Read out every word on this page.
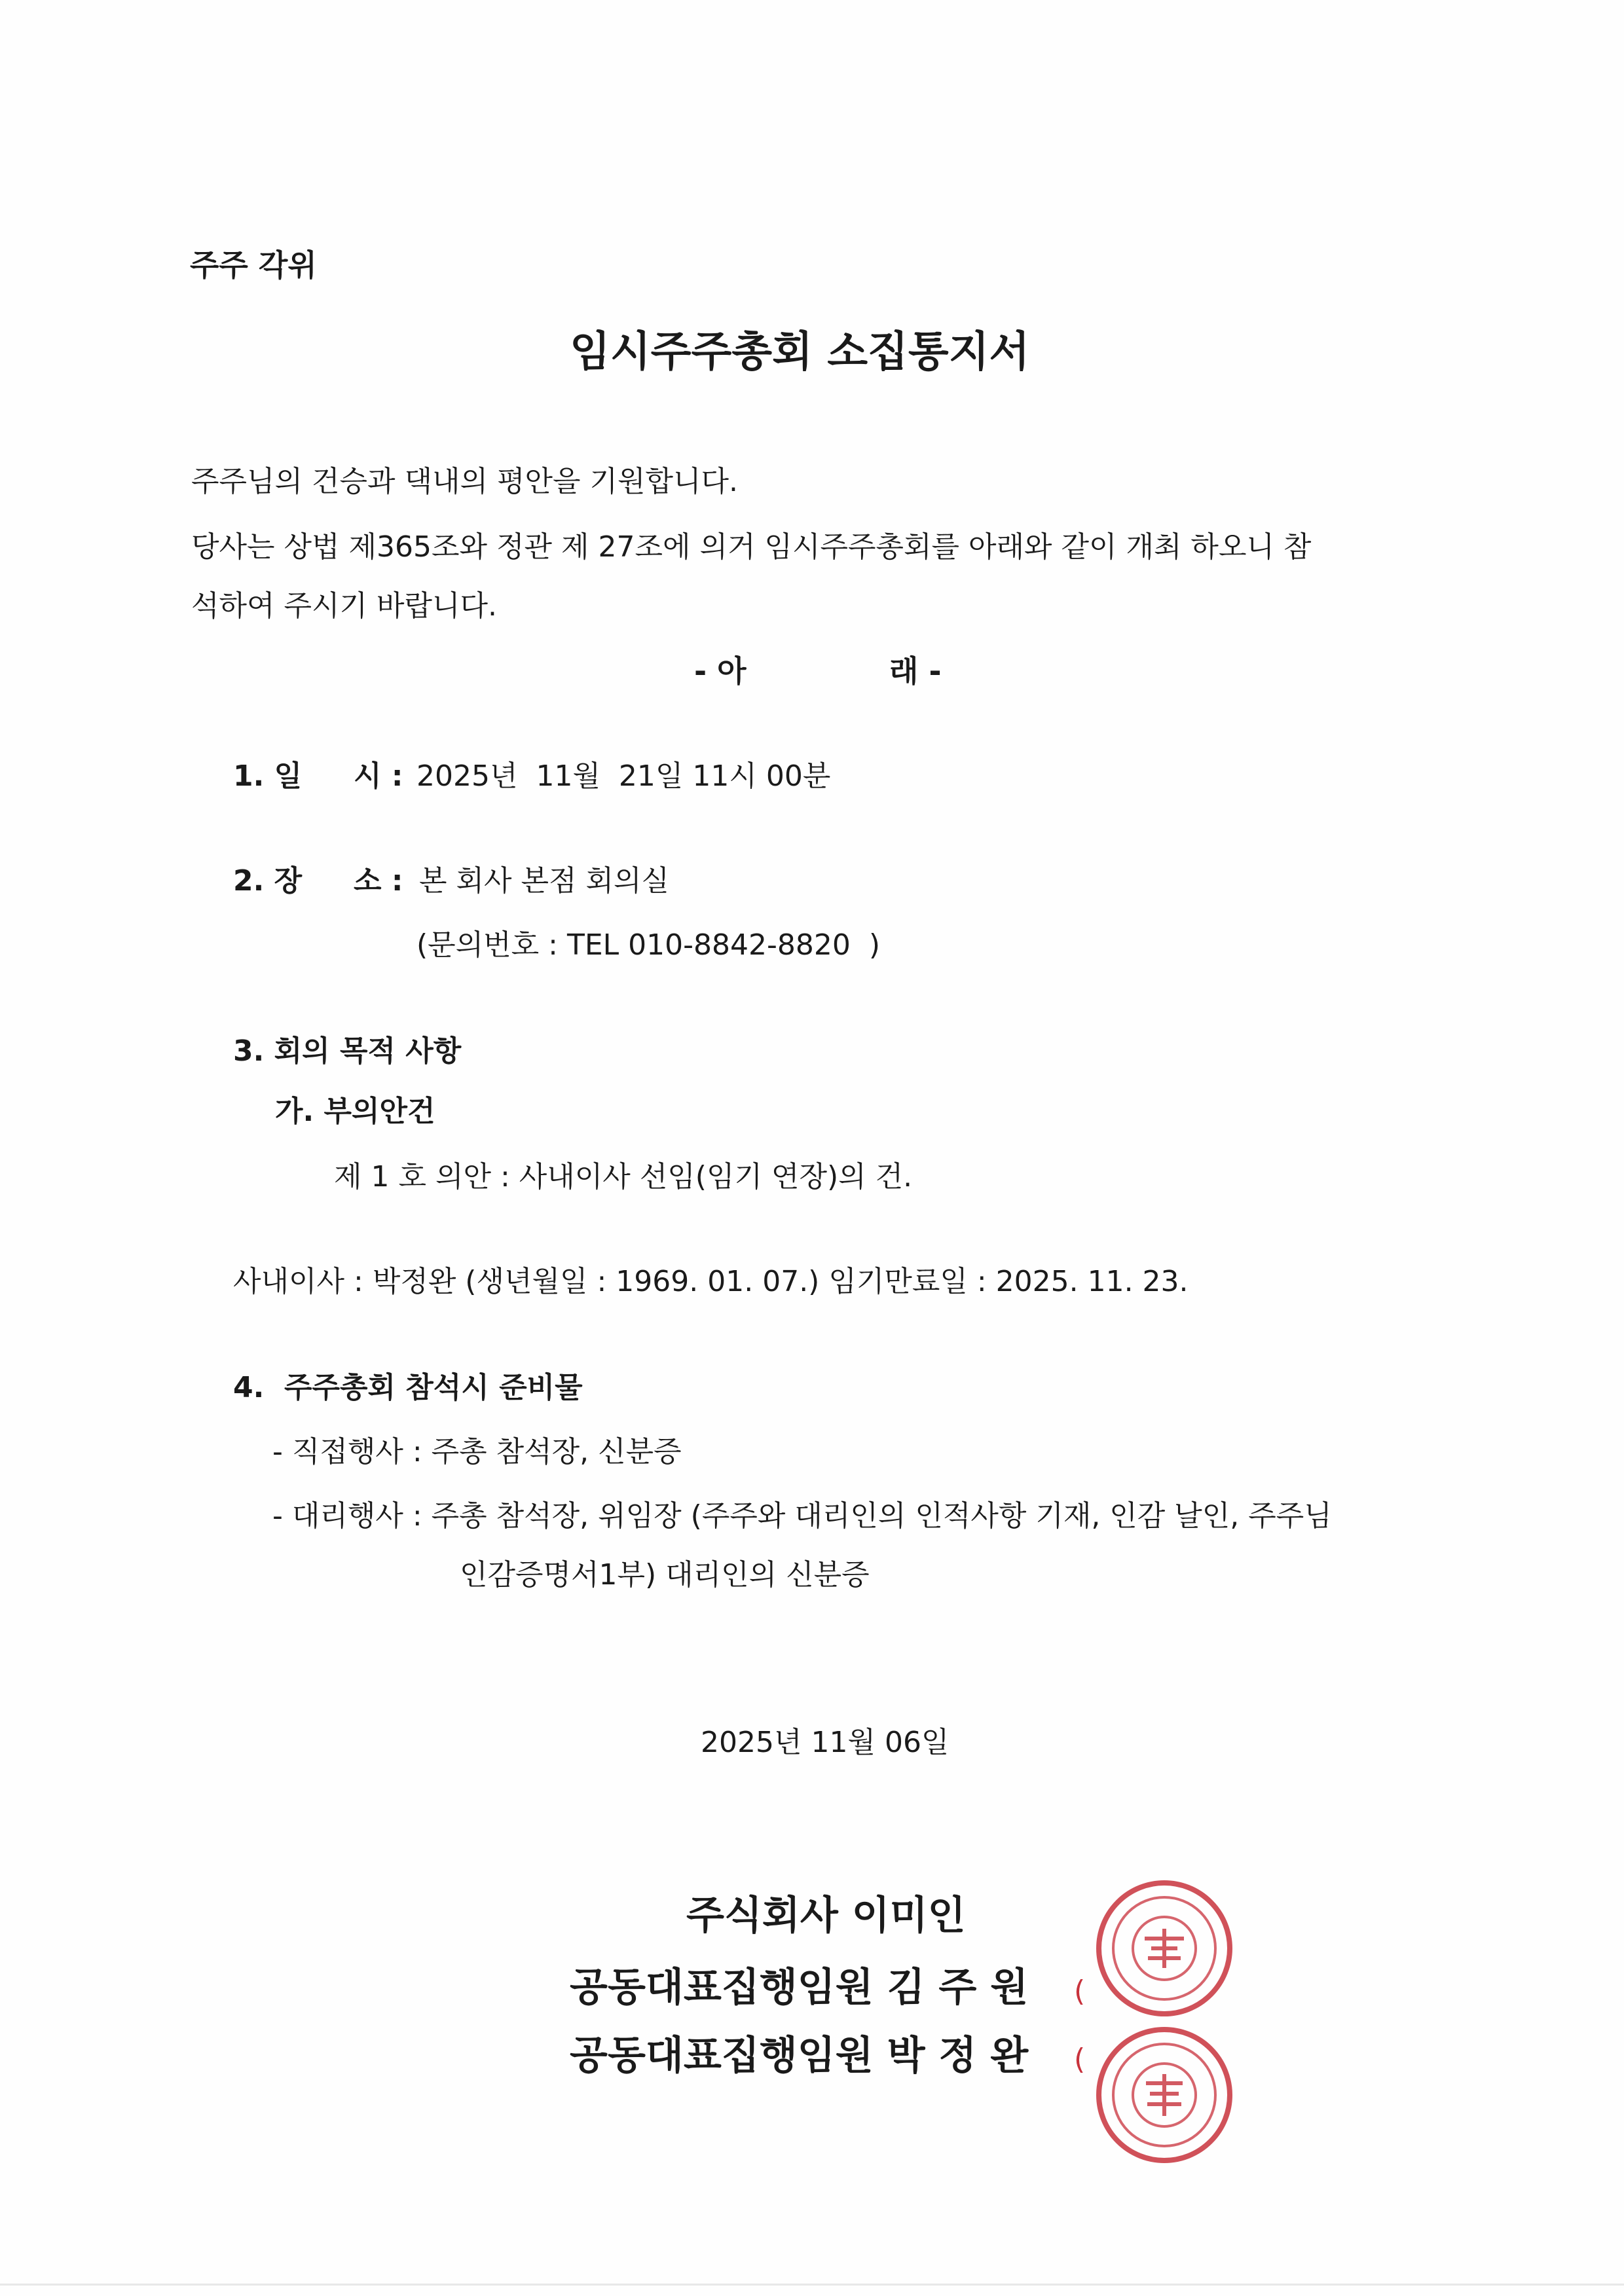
주주 각위
임시주주총회 소집통지서
주주님의 건승과 댁내의 평안을 기원합니다.
당사는 상법 제365조와 정관 제 27조에 의거 임시주주총회를 아래와 같이 개최 하오니 참
석하여 주시기 바랍니다.
- 아	래 -
1. 일 시 : 2025년  11월  21일 11시 00분
2. 장 소 : 본 회사 본점 회의실
(문의번호 : TEL 010-8842-8820  )
3. 회의 목적 사항
가. 부의안건
제 1 호 의안 : 사내이사 선임(임기 연장)의 건.
사내이사 : 박정완 (생년월일 : 1969. 01. 07.) 임기만료일 : 2025. 11. 23.
4.  주주총회 참석시 준비물
- 직접행사 : 주총 참석장, 신분증
- 대리행사 : 주총 참석장, 위임장 (주주와 대리인의 인적사항 기재, 인감 날인, 주주님
인감증명서1부) 대리인의 신분증
2025년 11월 06일
주식회사 이미인
공동대표집행임원 김 주 원 (
공동대표집행임원 박 정 완 (
